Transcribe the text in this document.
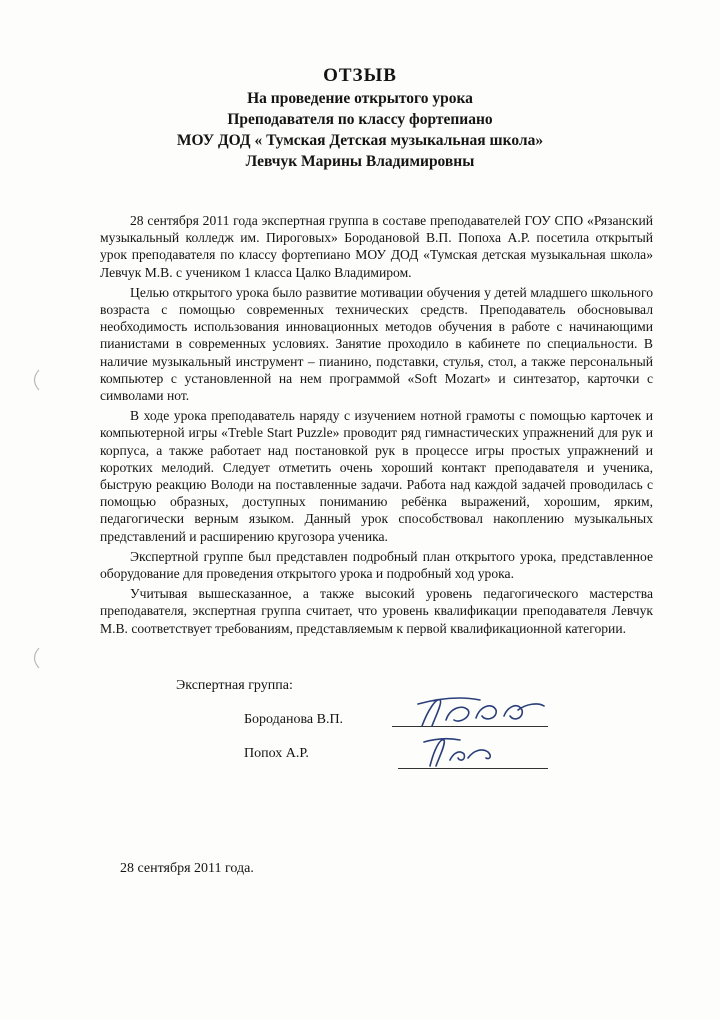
ОТЗЫВ
На проведение открытого урока
Преподавателя по классу фортепиано
МОУ ДОД « Тумская Детская музыкальная школа»
Левчук Марины Владимировны

28 сентября 2011 года экспертная группа в составе преподавателей ГОУ СПО «Рязанский музыкальный колледж им. Пироговых» Бородановой В.П. Попоха А.Р. посетила открытый урок преподавателя по классу фортепиано МОУ ДОД «Тумская детская музыкальная школа» Левчук М.В. с учеником 1 класса Цалко Владимиром.

Целью открытого урока было развитие мотивации обучения у детей младшего школьного возраста с помощью современных технических средств. Преподаватель обосновывал необходимость использования инновационных методов обучения в работе с начинающими пианистами в современных условиях. Занятие проходило в кабинете по специальности. В наличие музыкальный инструмент – пианино, подставки, стулья, стол, а также персональный компьютер с установленной на нем программой «Soft Mozart» и синтезатор, карточки с символами нот.

В ходе урока преподаватель наряду с изучением нотной грамоты с помощью карточек и компьютерной игры «Treble Start Puzzle» проводит ряд гимнастических упражнений для рук и корпуса, а также работает над постановкой рук в процессе игры простых упражнений и коротких мелодий. Следует отметить очень хороший контакт преподавателя и ученика, быструю реакцию Володи на поставленные задачи. Работа над каждой задачей проводилась с помощью образных, доступных пониманию ребёнка выражений, хорошим, ярким, педагогически верным языком. Данный урок способствовал накоплению музыкальных представлений и расширению кругозора ученика.

Экспертной группе был представлен подробный план открытого урока, представленное оборудование для проведения открытого урока и подробный ход урока.

Учитывая вышесказанное, а также высокий уровень педагогического мастерства преподавателя, экспертная группа считает, что уровень квалификации преподавателя Левчук М.В. соответствует требованиям, представляемым к первой квалификационной категории.

Экспертная группа:
Бороданова В.П.
Попох А.Р.
28 сентября 2011 года.
